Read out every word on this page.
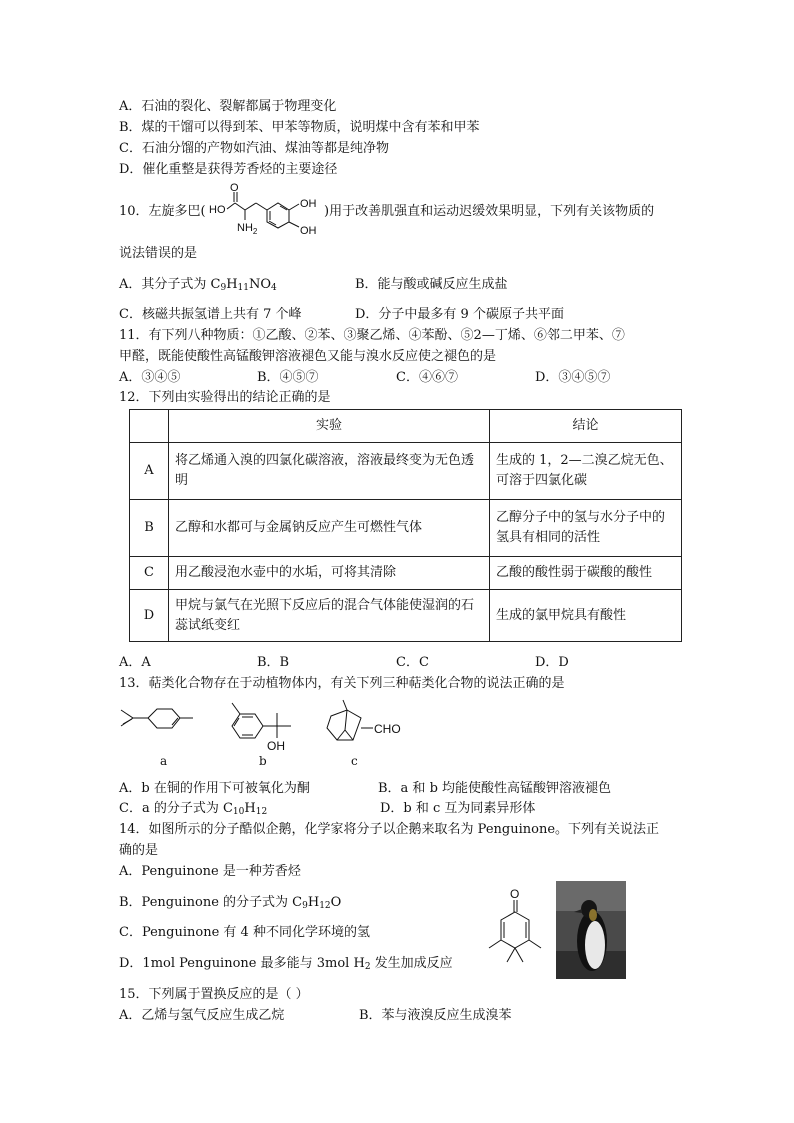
A．石油的裂化、裂解都属于物理变化
B．煤的干馏可以得到苯、甲苯等物质，说明煤中含有苯和甲苯
C．石油分馏的产物如汽油、煤油等都是纯净物
D．催化重整是获得芳香烃的主要途径
10．左旋多巴(
O
HO
$NH_2$
OH
OH
)用于改善肌强直和运动迟缓效果明显，下列有关该物质的
说法错误的是
A．其分子式为 $C_9H_{11}NO_4$	B．能与酸或碱反应生成盐
C．核磁共振氢谱上共有 7 个峰	D．分子中最多有 9 个碳原子共平面
11．有下列八种物质：①乙酸、②苯、③聚乙烯、④苯酚、⑤2—丁烯、⑥邻二甲苯、⑦
甲醛，既能使酸性高锰酸钾溶液褪色又能与溴水反应使之褪色的是
A．③④⑤	B．④⑤⑦	C．④⑥⑦	D．③④⑤⑦
12．下列由实验得出的结论正确的是
	实验	结论
A	将乙烯通入溴的四氯化碳溶液，溶液最终变为无色透明	生成的 1，2—二溴乙烷无色、可溶于四氯化碳
B	乙醇和水都可与金属钠反应产生可燃性气体	乙醇分子中的氢与水分子中的氢具有相同的活性
C	用乙酸浸泡水壶中的水垢，可将其清除	乙酸的酸性弱于碳酸的酸性
D	甲烷与氯气在光照下反应后的混合气体能使湿润的石蕊试纸变红	生成的氯甲烷具有酸性
A．A	B．B	C．C	D．D
13．萜类化合物存在于动植物体内，有关下列三种萜类化合物的说法正确的是
OH
CHO
a	b	c
A．b 在铜的作用下可被氧化为酮	B．a 和 b 均能使酸性高锰酸钾溶液褪色
C．a 的分子式为 $C_{10}H_{12}$	D．b 和 c 互为同素异形体
14．如图所示的分子酷似企鹅，化学家将分子以企鹅来取名为 Penguinone。下列有关说法正
确的是
A．Penguinone 是一种芳香烃
B．Penguinone 的分子式为 $C_9H_{12}O$
C．Penguinone 有 4 种不同化学环境的氢
D．1mol Penguinone 最多能与 3mol $H_2$ 发生加成反应
O
15．下列属于置换反应的是（ ）
A．乙烯与氢气反应生成乙烷	B．苯与液溴反应生成溴苯
